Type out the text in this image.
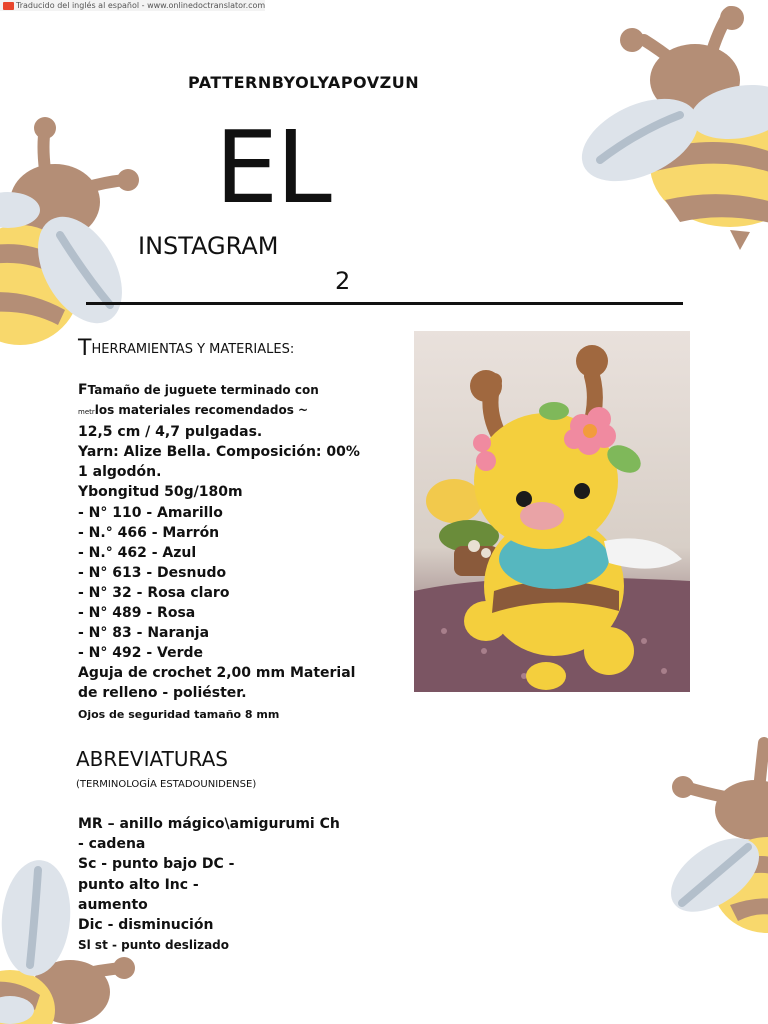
Traducido del inglés al español - www.onlinedoctranslator.com
PATTERNBYOLYAPOVZUN
EL
INSTAGRAM
2
THERRAMIENTAS Y MATERIALES:
FTamaño de juguete terminado con
metrlos materiales recomendados ~
12,5 cm / 4,7 pulgadas.
Yarn: Alize Bella. Composición: 00%
1 algodón.
Ybongitud 50g/180m
- N° 110 - Amarillo
- N.° 466 - Marrón
- N.° 462 - Azul
- N° 613 - Desnudo
- N° 32 - Rosa claro
- N° 489 - Rosa
- N° 83 - Naranja
- N° 492 - Verde
Aguja de crochet 2,00 mm Material
de relleno - poliéster.
Ojos de seguridad tamaño 8 mm
ABREVIATURAS
(TERMINOLOGÍA ESTADOUNIDENSE)
MR – anillo mágico\amigurumi Ch
- cadena
Sc - punto bajo DC -
punto alto Inc -
aumento
Dic - disminución
Sl st - punto deslizado
